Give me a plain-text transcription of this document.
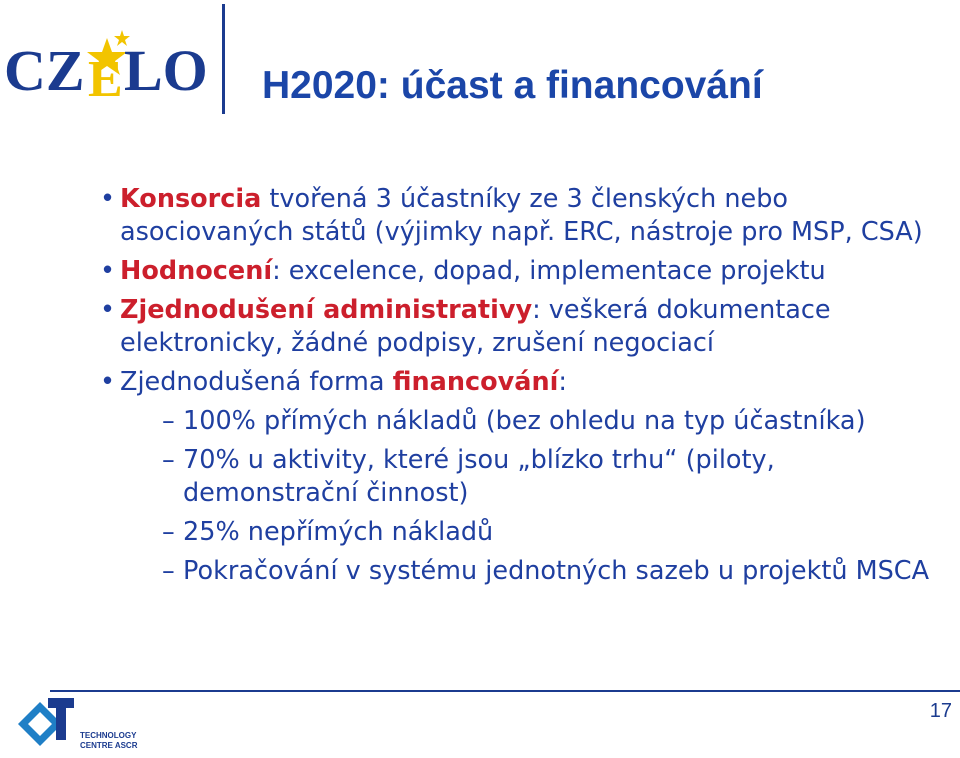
CZ E LO H2020: účast a financování
• Konsorcia tvořená 3 účastníky ze 3 členských nebo asociovaných států (výjimky např. ERC, nástroje pro MSP, CSA)
• Hodnocení: excelence, dopad, implementace projektu
• Zjednodušení administrativy: veškerá dokumentace elektronicky, žádné podpisy, zrušení negociací
• Zjednodušená forma financování:
– 100% přímých nákladů (bez ohledu na typ účastníka)
– 70% u aktivity, které jsou „blízko trhu“ (piloty, demonstrační činnost)
– 25% nepřímých nákladů
– Pokračování v systému jednotných sazeb u projektů MSCA
TECHNOLOGY
CENTRE ASCR
17
